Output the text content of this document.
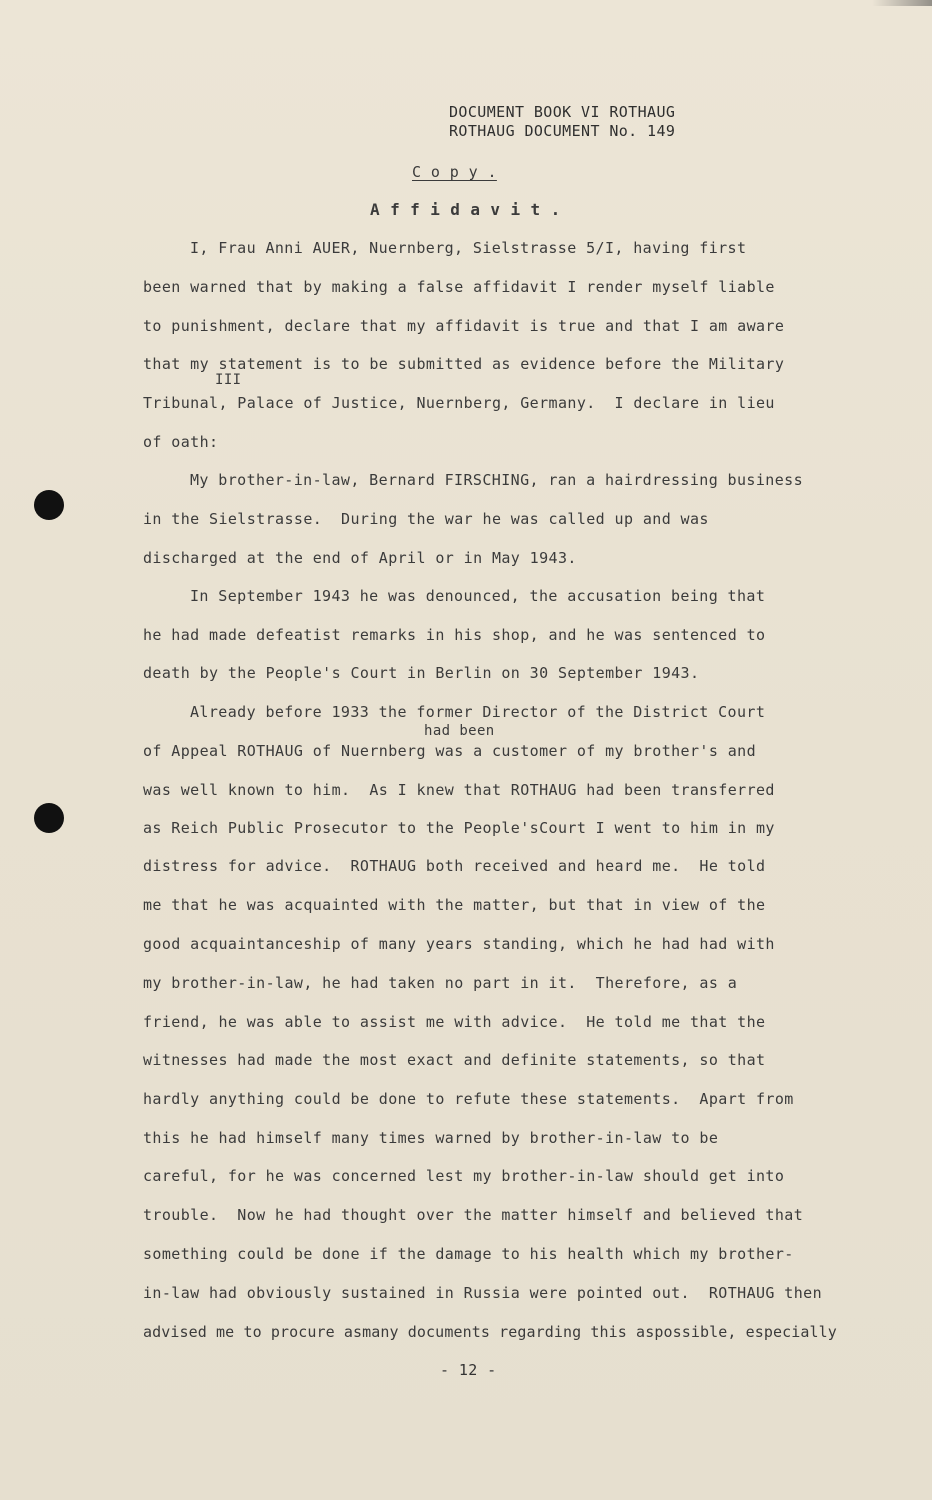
DOCUMENT BOOK VI ROTHAUG
ROTHAUG DOCUMENT No. 149
C o p y .
A f f i d a v i t .
I, Frau Anni AUER, Nuernberg, Sielstrasse 5/I, having first
been warned that by making a false affidavit I render myself liable
to punishment, declare that my affidavit is true and that I am aware
that my statement is to be submitted as evidence before the Military
III
Tribunal, Palace of Justice, Nuernberg, Germany.  I declare in lieu
of oath:
My brother-in-law, Bernard FIRSCHING, ran a hairdressing business
in the Sielstrasse.  During the war he was called up and was
discharged at the end of April or in May 1943.
In September 1943 he was denounced, the accusation being that
he had made defeatist remarks in his shop, and he was sentenced to
death by the People's Court in Berlin on 30 September 1943.
Already before 1933 the former Director of the District Court
had been
of Appeal ROTHAUG of Nuernberg was a customer of my brother's and
was well known to him.  As I knew that ROTHAUG had been transferred
as Reich Public Prosecutor to the People'sCourt I went to him in my
distress for advice.  ROTHAUG both received and heard me.  He told
me that he was acquainted with the matter, but that in view of the
good acquaintanceship of many years standing, which he had had with
my brother-in-law, he had taken no part in it.  Therefore, as a
friend, he was able to assist me with advice.  He told me that the
witnesses had made the most exact and definite statements, so that
hardly anything could be done to refute these statements.  Apart from
this he had himself many times warned by brother-in-law to be
careful, for he was concerned lest my brother-in-law should get into
trouble.  Now he had thought over the matter himself and believed that
something could be done if the damage to his health which my brother-
in-law had obviously sustained in Russia were pointed out.  ROTHAUG then
advised me to procure asmany documents regarding this aspossible, especially
- 12 -
